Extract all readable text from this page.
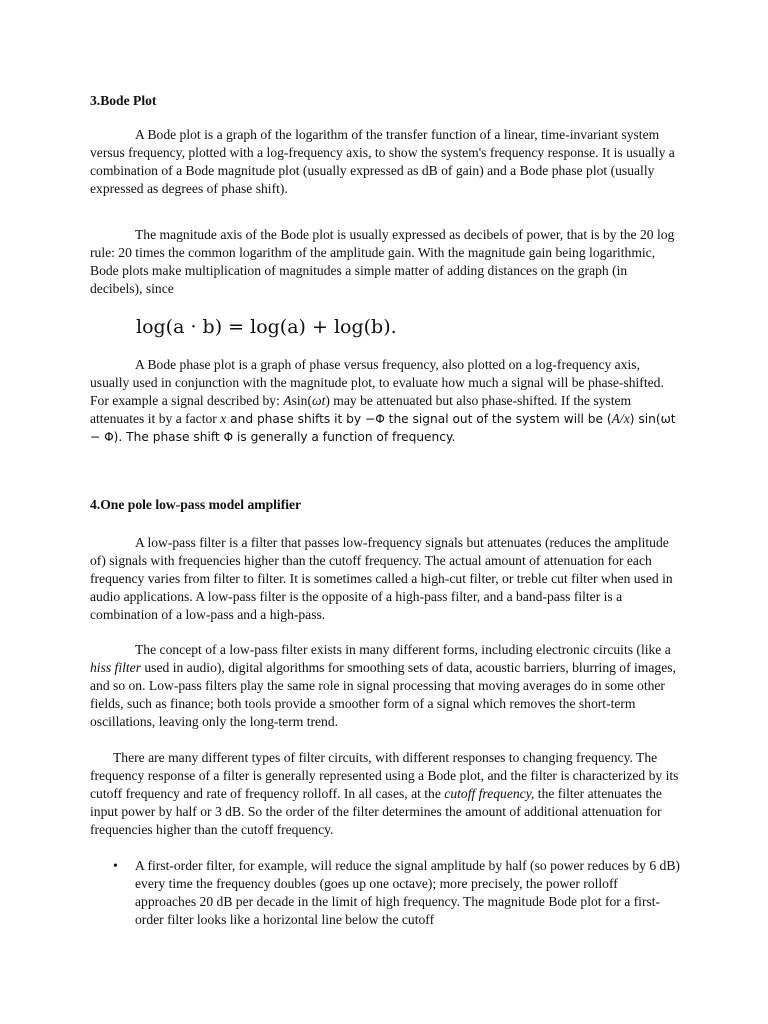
3.Bode Plot

A Bode plot is a graph of the logarithm of the transfer function of a linear, time-invariant system versus frequency, plotted with a log-frequency axis, to show the system's frequency response. It is usually a combination of a Bode magnitude plot (usually expressed as dB of gain) and a Bode phase plot (usually expressed as degrees of phase shift).

The magnitude axis of the Bode plot is usually expressed as decibels of power, that is by the 20 log rule: 20 times the common logarithm of the amplitude gain. With the magnitude gain being logarithmic, Bode plots make multiplication of magnitudes a simple matter of adding distances on the graph (in decibels), since

log(a · b) = log(a) + log(b).

A Bode phase plot is a graph of phase versus frequency, also plotted on a log-frequency axis, usually used in conjunction with the magnitude plot, to evaluate how much a signal will be phase-shifted. For example a signal described by: Asin(ωt) may be attenuated but also phase-shifted. If the system attenuates it by a factor x and phase shifts it by −Φ the signal out of the system will be (A/x) sin(ωt − Φ). The phase shift Φ is generally a function of frequency.

4.One pole low-pass model amplifier

A low-pass filter is a filter that passes low-frequency signals but attenuates (reduces the amplitude of) signals with frequencies higher than the cutoff frequency. The actual amount of attenuation for each frequency varies from filter to filter. It is sometimes called a high-cut filter, or treble cut filter when used in audio applications. A low-pass filter is the opposite of a high-pass filter, and a band-pass filter is a combination of a low-pass and a high-pass.

The concept of a low-pass filter exists in many different forms, including electronic circuits (like a hiss filter used in audio), digital algorithms for smoothing sets of data, acoustic barriers, blurring of images, and so on. Low-pass filters play the same role in signal processing that moving averages do in some other fields, such as finance; both tools provide a smoother form of a signal which removes the short-term oscillations, leaving only the long-term trend.

There are many different types of filter circuits, with different responses to changing frequency. The frequency response of a filter is generally represented using a Bode plot, and the filter is characterized by its cutoff frequency and rate of frequency rolloff. In all cases, at the cutoff frequency, the filter attenuates the input power by half or 3 dB. So the order of the filter determines the amount of additional attenuation for frequencies higher than the cutoff frequency.

• A first-order filter, for example, will reduce the signal amplitude by half (so power reduces by 6 dB) every time the frequency doubles (goes up one octave); more precisely, the power rolloff approaches 20 dB per decade in the limit of high frequency. The magnitude Bode plot for a first-order filter looks like a horizontal line below the cutoff
